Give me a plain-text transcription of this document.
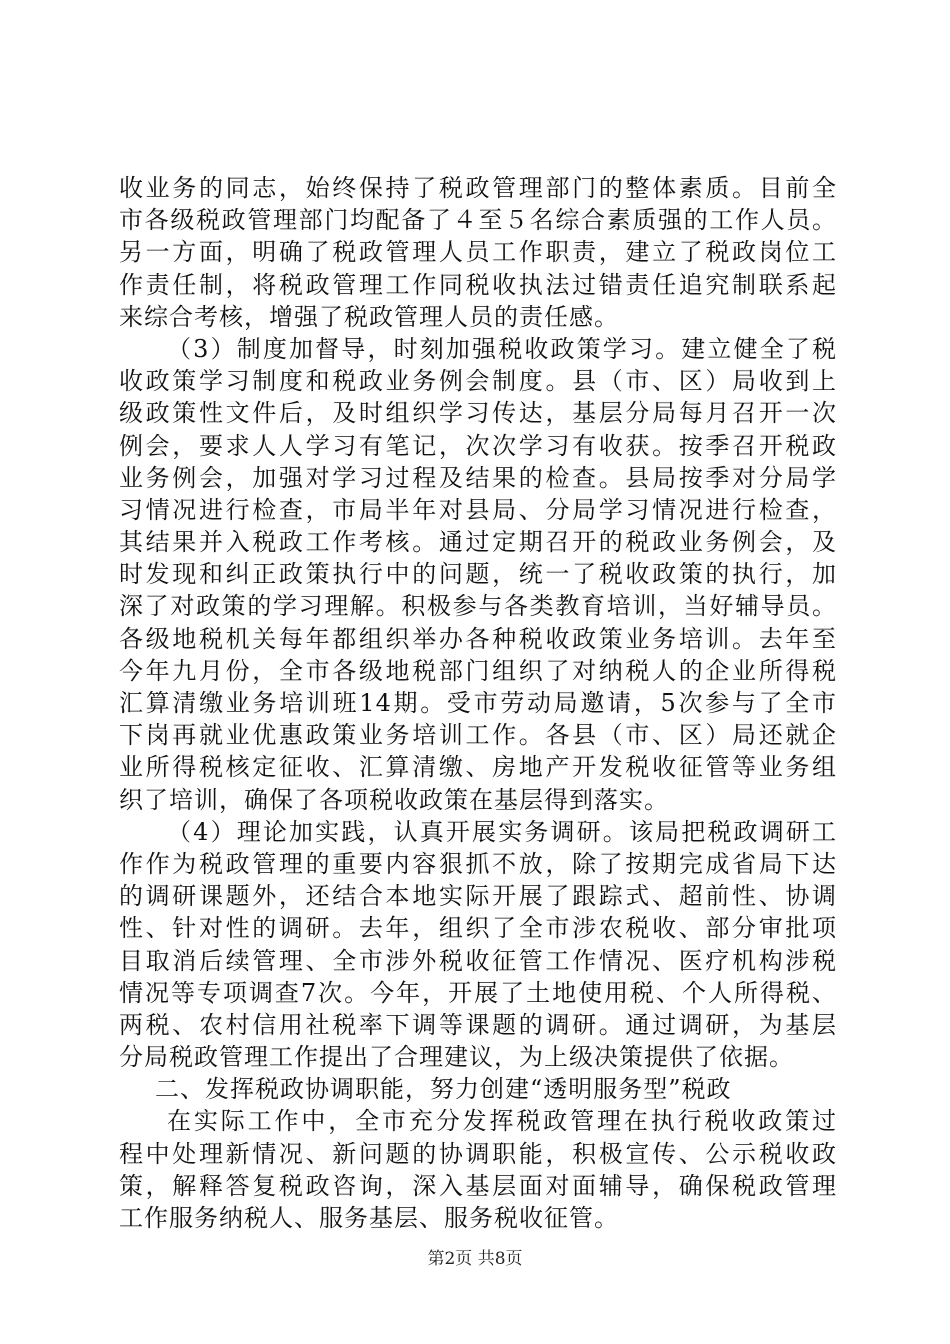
收业务的同志，始终保持了税政管理部门的整体素质。目前全
市各级税政管理部门均配备了４至５名综合素质强的工作人员。
另一方面，明确了税政管理人员工作职责，建立了税政岗位工
作责任制，将税政管理工作同税收执法过错责任追究制联系起
来综合考核，增强了税政管理人员的责任感。
（3）制度加督导，时刻加强税收政策学习。建立健全了税
收政策学习制度和税政业务例会制度。县（市、区）局收到上
级政策性文件后，及时组织学习传达，基层分局每月召开一次
例会，要求人人学习有笔记，次次学习有收获。按季召开税政
业务例会，加强对学习过程及结果的检查。县局按季对分局学
习情况进行检查，市局半年对县局、分局学习情况进行检查，
其结果并入税政工作考核。通过定期召开的税政业务例会，及
时发现和纠正政策执行中的问题，统一了税收政策的执行，加
深了对政策的学习理解。积极参与各类教育培训，当好辅导员。
各级地税机关每年都组织举办各种税收政策业务培训。去年至
今年九月份，全市各级地税部门组织了对纳税人的企业所得税
汇算清缴业务培训班14期。受市劳动局邀请，5次参与了全市
下岗再就业优惠政策业务培训工作。各县（市、区）局还就企
业所得税核定征收、汇算清缴、房地产开发税收征管等业务组
织了培训，确保了各项税收政策在基层得到落实。
（4）理论加实践，认真开展实务调研。该局把税政调研工
作作为税政管理的重要内容狠抓不放，除了按期完成省局下达
的调研课题外，还结合本地实际开展了跟踪式、超前性、协调
性、针对性的调研。去年，组织了全市涉农税收、部分审批项
目取消后续管理、全市涉外税收征管工作情况、医疗机构涉税
情况等专项调查7次。今年，开展了土地使用税、个人所得税、
两税、农村信用社税率下调等课题的调研。通过调研，为基层
分局税政管理工作提出了合理建议，为上级决策提供了依据。
二、发挥税政协调职能，努力创建“透明服务型”税政
在实际工作中，全市充分发挥税政管理在执行税收政策过
程中处理新情况、新问题的协调职能，积极宣传、公示税收政
策，解释答复税政咨询，深入基层面对面辅导，确保税政管理
工作服务纳税人、服务基层、服务税收征管。
第2页 共8页
